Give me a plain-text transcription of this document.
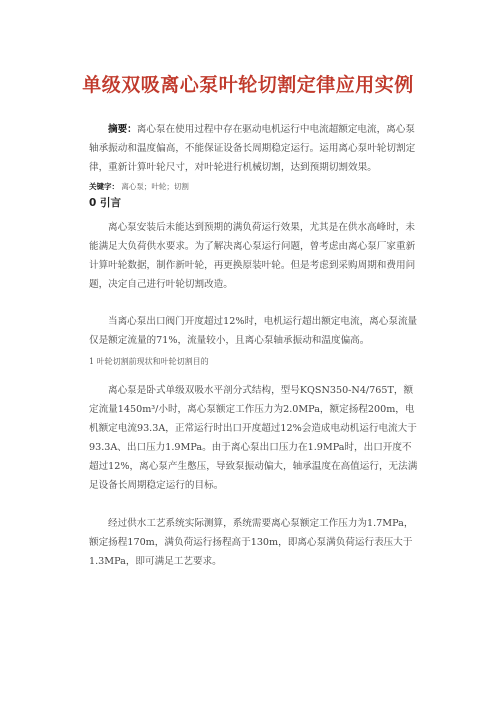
单级双吸离心泵叶轮切割定律应用实例

摘要：离心泵在使用过程中存在驱动电机运行中电流超额定电流，离心泵轴承振动和温度偏高，不能保证设备长周期稳定运行。运用离心泵叶轮切割定律，重新计算叶轮尺寸，对叶轮进行机械切割，达到预期切割效果。

关键字： 离心泵；叶轮；切割
0 引言

离心泵安装后未能达到预期的满负荷运行效果，尤其是在供水高峰时，未能满足大负荷供水要求。为了解决离心泵运行问题，曾考虑由离心泵厂家重新计算叶轮数据，制作新叶轮，再更换原装叶轮。但是考虑到采购周期和费用问题，决定自己进行叶轮切割改造。

当离心泵出口阀门开度超过12%时，电机运行超出额定电流，离心泵流量仅是额定流量的71%，流量较小，且离心泵轴承振动和温度偏高。

1 叶轮切割前现状和叶轮切割目的

离心泵是卧式单级双吸水平剖分式结构，型号KQSN350-N4/765T，额定流量1450m³/小时，离心泵额定工作压力为2.0MPa，额定扬程200m，电机额定电流93.3A，正常运行时出口开度超过12%会造成电动机运行电流大于93.3A、出口压力1.9MPa。由于离心泵出口压力在1.9MPa时，出口开度不超过12%，离心泵产生憋压，导致泵振动偏大，轴承温度在高值运行，无法满足设备长周期稳定运行的目标。

经过供水工艺系统实际测算，系统需要离心泵额定工作压力为1.7MPa，额定扬程170m，满负荷运行扬程高于130m，即离心泵满负荷运行表压大于1.3MPa，即可满足工艺要求。
